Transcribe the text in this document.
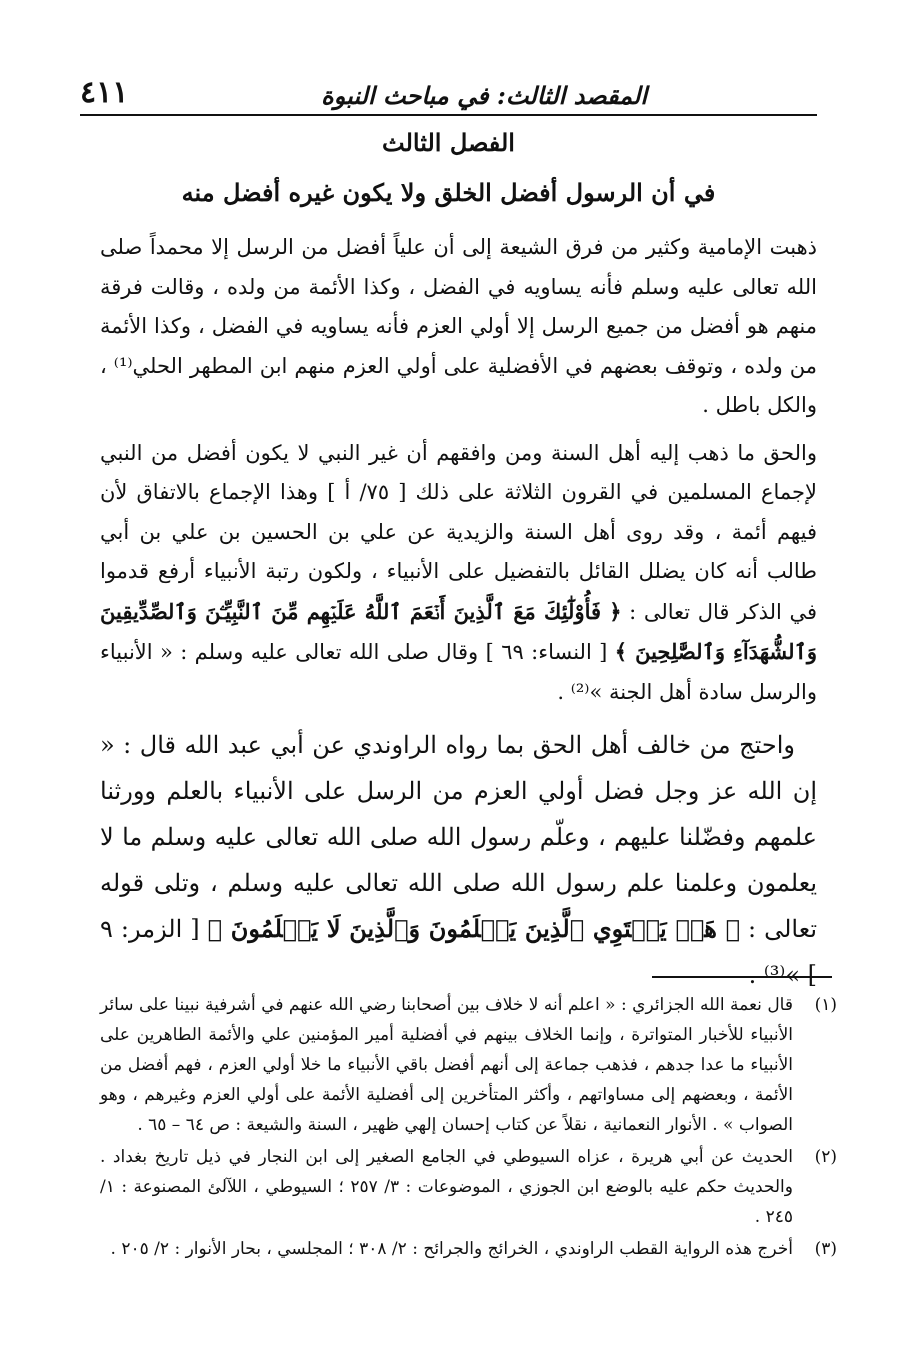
المقصد الثالث: في مباحث النبوة
٤١١
الفصل الثالث
في أن الرسول أفضل الخلق ولا يكون غيره أفضل منه

ذهبت الإمامية وكثير من فرق الشيعة إلى أن علياً أفضل من الرسل إلا محمداً صلى الله تعالى عليه وسلم فأنه يساويه في الفضل ، وكذا الأئمة من ولده ، وقالت فرقة منهم هو أفضل من جميع الرسل إلا أولي العزم فأنه يساويه في الفضل ، وكذا الأئمة من ولده ، وتوقف بعضهم في الأفضلية على أولي العزم منهم ابن المطهر الحلي⁽¹⁾ ، والكل باطل .

والحق ما ذهب إليه أهل السنة ومن وافقهم أن غير النبي لا يكون أفضل من النبي لإجماع المسلمين في القرون الثلاثة على ذلك [ ٧٥/ أ ] وهذا الإجماع بالاتفاق لأن فيهم أئمة ، وقد روى أهل السنة والزيدية عن علي بن الحسين بن علي بن أبي طالب أنه كان يضلل القائل بالتفضيل على الأنبياء ، ولكون رتبة الأنبياء أرفع قدموا في الذكر قال تعالى : ﴿ فَأُوْلَٰٓئِكَ مَعَ ٱلَّذِينَ أَنۡعَمَ ٱللَّهُ عَلَيۡهِم مِّنَ ٱلنَّبِيِّـۧنَ وَٱلصِّدِّيقِينَ وَٱلشُّهَدَآءِ وَٱلصَّٰلِحِينَ ﴾ [ النساء: ٦٩ ] وقال صلى الله تعالى عليه وسلم : « الأنبياء والرسل سادة أهل الجنة »⁽²⁾ .

واحتج من خالف أهل الحق بما رواه الراوندي عن أبي عبد الله قال : « إن الله عز وجل فضل أولي العزم من الرسل على الأنبياء بالعلم وورثنا علمهم وفضّلنا عليهم ، وعلّم رسول الله صلى الله تعالى عليه وسلم ما لا يعلمون وعلمنا علم رسول الله صلى الله تعالى عليه وسلم ، وتلى قوله تعالى : ﴿ هَلۡ يَسۡتَوِي ٱلَّذِينَ يَعۡلَمُونَ وَٱلَّذِينَ لَا يَعۡلَمُونَ ﴾ [ الزمر: ٩ ] »⁽³⁾ .

(١)
قال نعمة الله الجزائري : « اعلم أنه لا خلاف بين أصحابنا رضي الله عنهم في أشرفية نبينا على سائر الأنبياء للأخبار المتواترة ، وإنما الخلاف بينهم في أفضلية أمير المؤمنين علي والأئمة الطاهرين على الأنبياء ما عدا جدهم ، فذهب جماعة إلى أنهم أفضل باقي الأنبياء ما خلا أولي العزم ، فهم أفضل من الأئمة ، وبعضهم إلى مساواتهم ، وأكثر المتأخرين إلى أفضلية الأئمة على أولي العزم وغيرهم ، وهو الصواب » . الأنوار النعمانية ، نقلاً عن كتاب إحسان إلهي ظهير ، السنة والشيعة : ص ٦٤ – ٦٥ .
(٢)
الحديث عن أبي هريرة ، عزاه السيوطي في الجامع الصغير إلى ابن النجار في ذيل تاريخ بغداد . والحديث حكم عليه بالوضع ابن الجوزي ، الموضوعات : ٣/ ٢٥٧ ؛ السيوطي ، اللآلئ المصنوعة : ١/ ٢٤٥ .
(٣)
أخرج هذه الرواية القطب الراوندي ، الخرائج والجرائح : ٢/ ٣٠٨ ؛ المجلسي ، بحار الأنوار : ٢/ ٢٠٥ .
